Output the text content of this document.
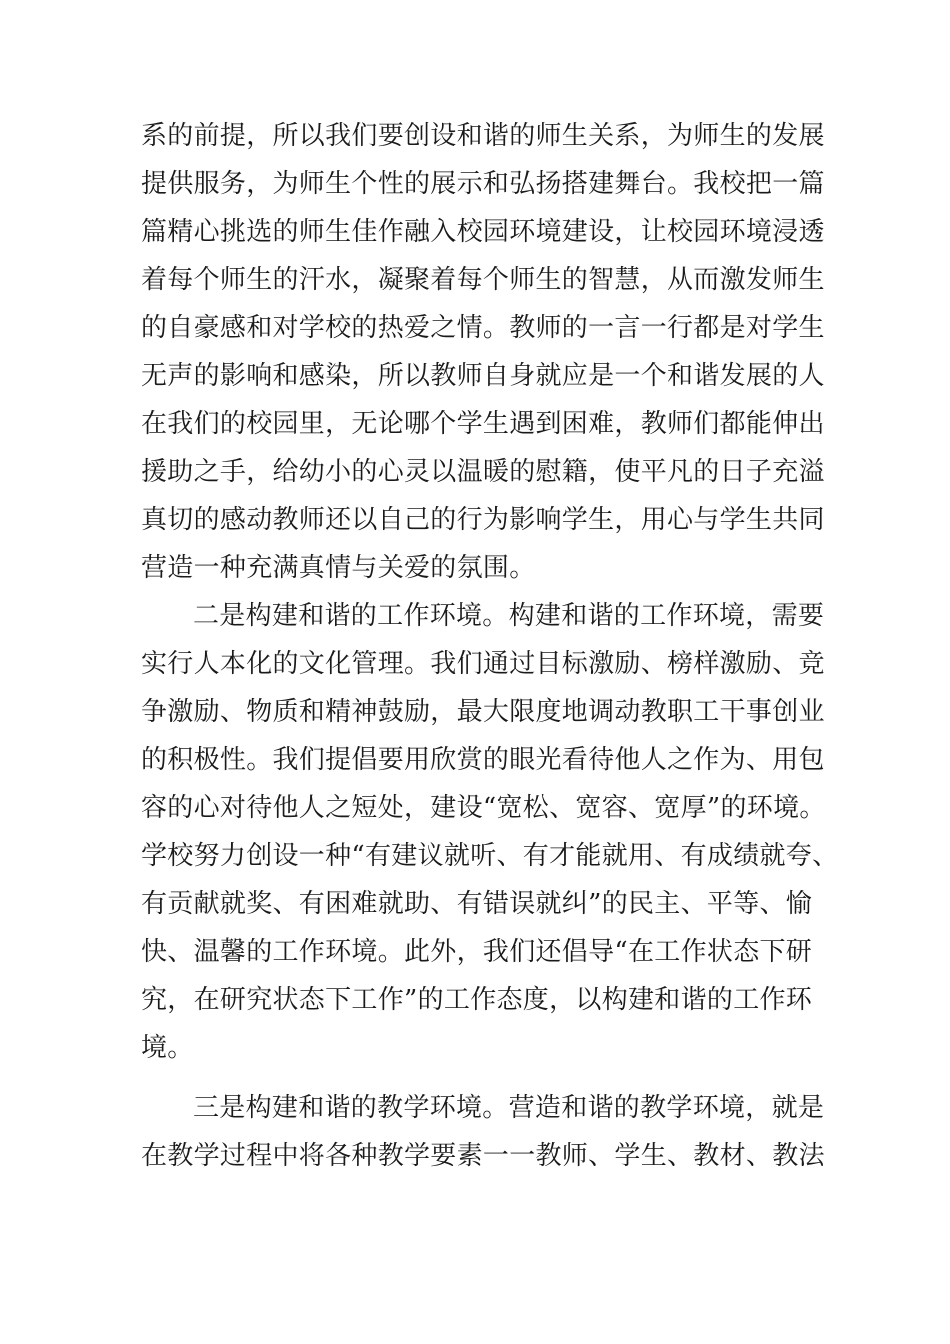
系的前提，所以我们要创设和谐的师生关系，为师生的发展
提供服务，为师生个性的展示和弘扬搭建舞台。我校把一篇
篇精心挑选的师生佳作融入校园环境建设，让校园环境浸透
着每个师生的汗水，凝聚着每个师生的智慧，从而激发师生
的自豪感和对学校的热爱之情。教师的一言一行都是对学生
无声的影响和感染，所以教师自身就应是一个和谐发展的人
在我们的校园里，无论哪个学生遇到困难，教师们都能伸出
援助之手，给幼小的心灵以温暖的慰籍，使平凡的日子充溢
真切的感动教师还以自己的行为影响学生，用心与学生共同
营造一种充满真情与关爱的氛围。
二是构建和谐的工作环境。构建和谐的工作环境，需要
实行人本化的文化管理。我们通过目标激励、榜样激励、竞
争激励、物质和精神鼓励，最大限度地调动教职工干事创业
的积极性。我们提倡要用欣赏的眼光看待他人之作为、用包
容的心对待他人之短处，建设“宽松、宽容、宽厚”的环境。
学校努力创设一种“有建议就听、有才能就用、有成绩就夸、
有贡献就奖、有困难就助、有错误就纠”的民主、平等、愉
快、温馨的工作环境。此外，我们还倡导“在工作状态下研
究，在研究状态下工作”的工作态度，以构建和谐的工作环
境。
三是构建和谐的教学环境。营造和谐的教学环境，就是
在教学过程中将各种教学要素一一教师、学生、教材、教法
